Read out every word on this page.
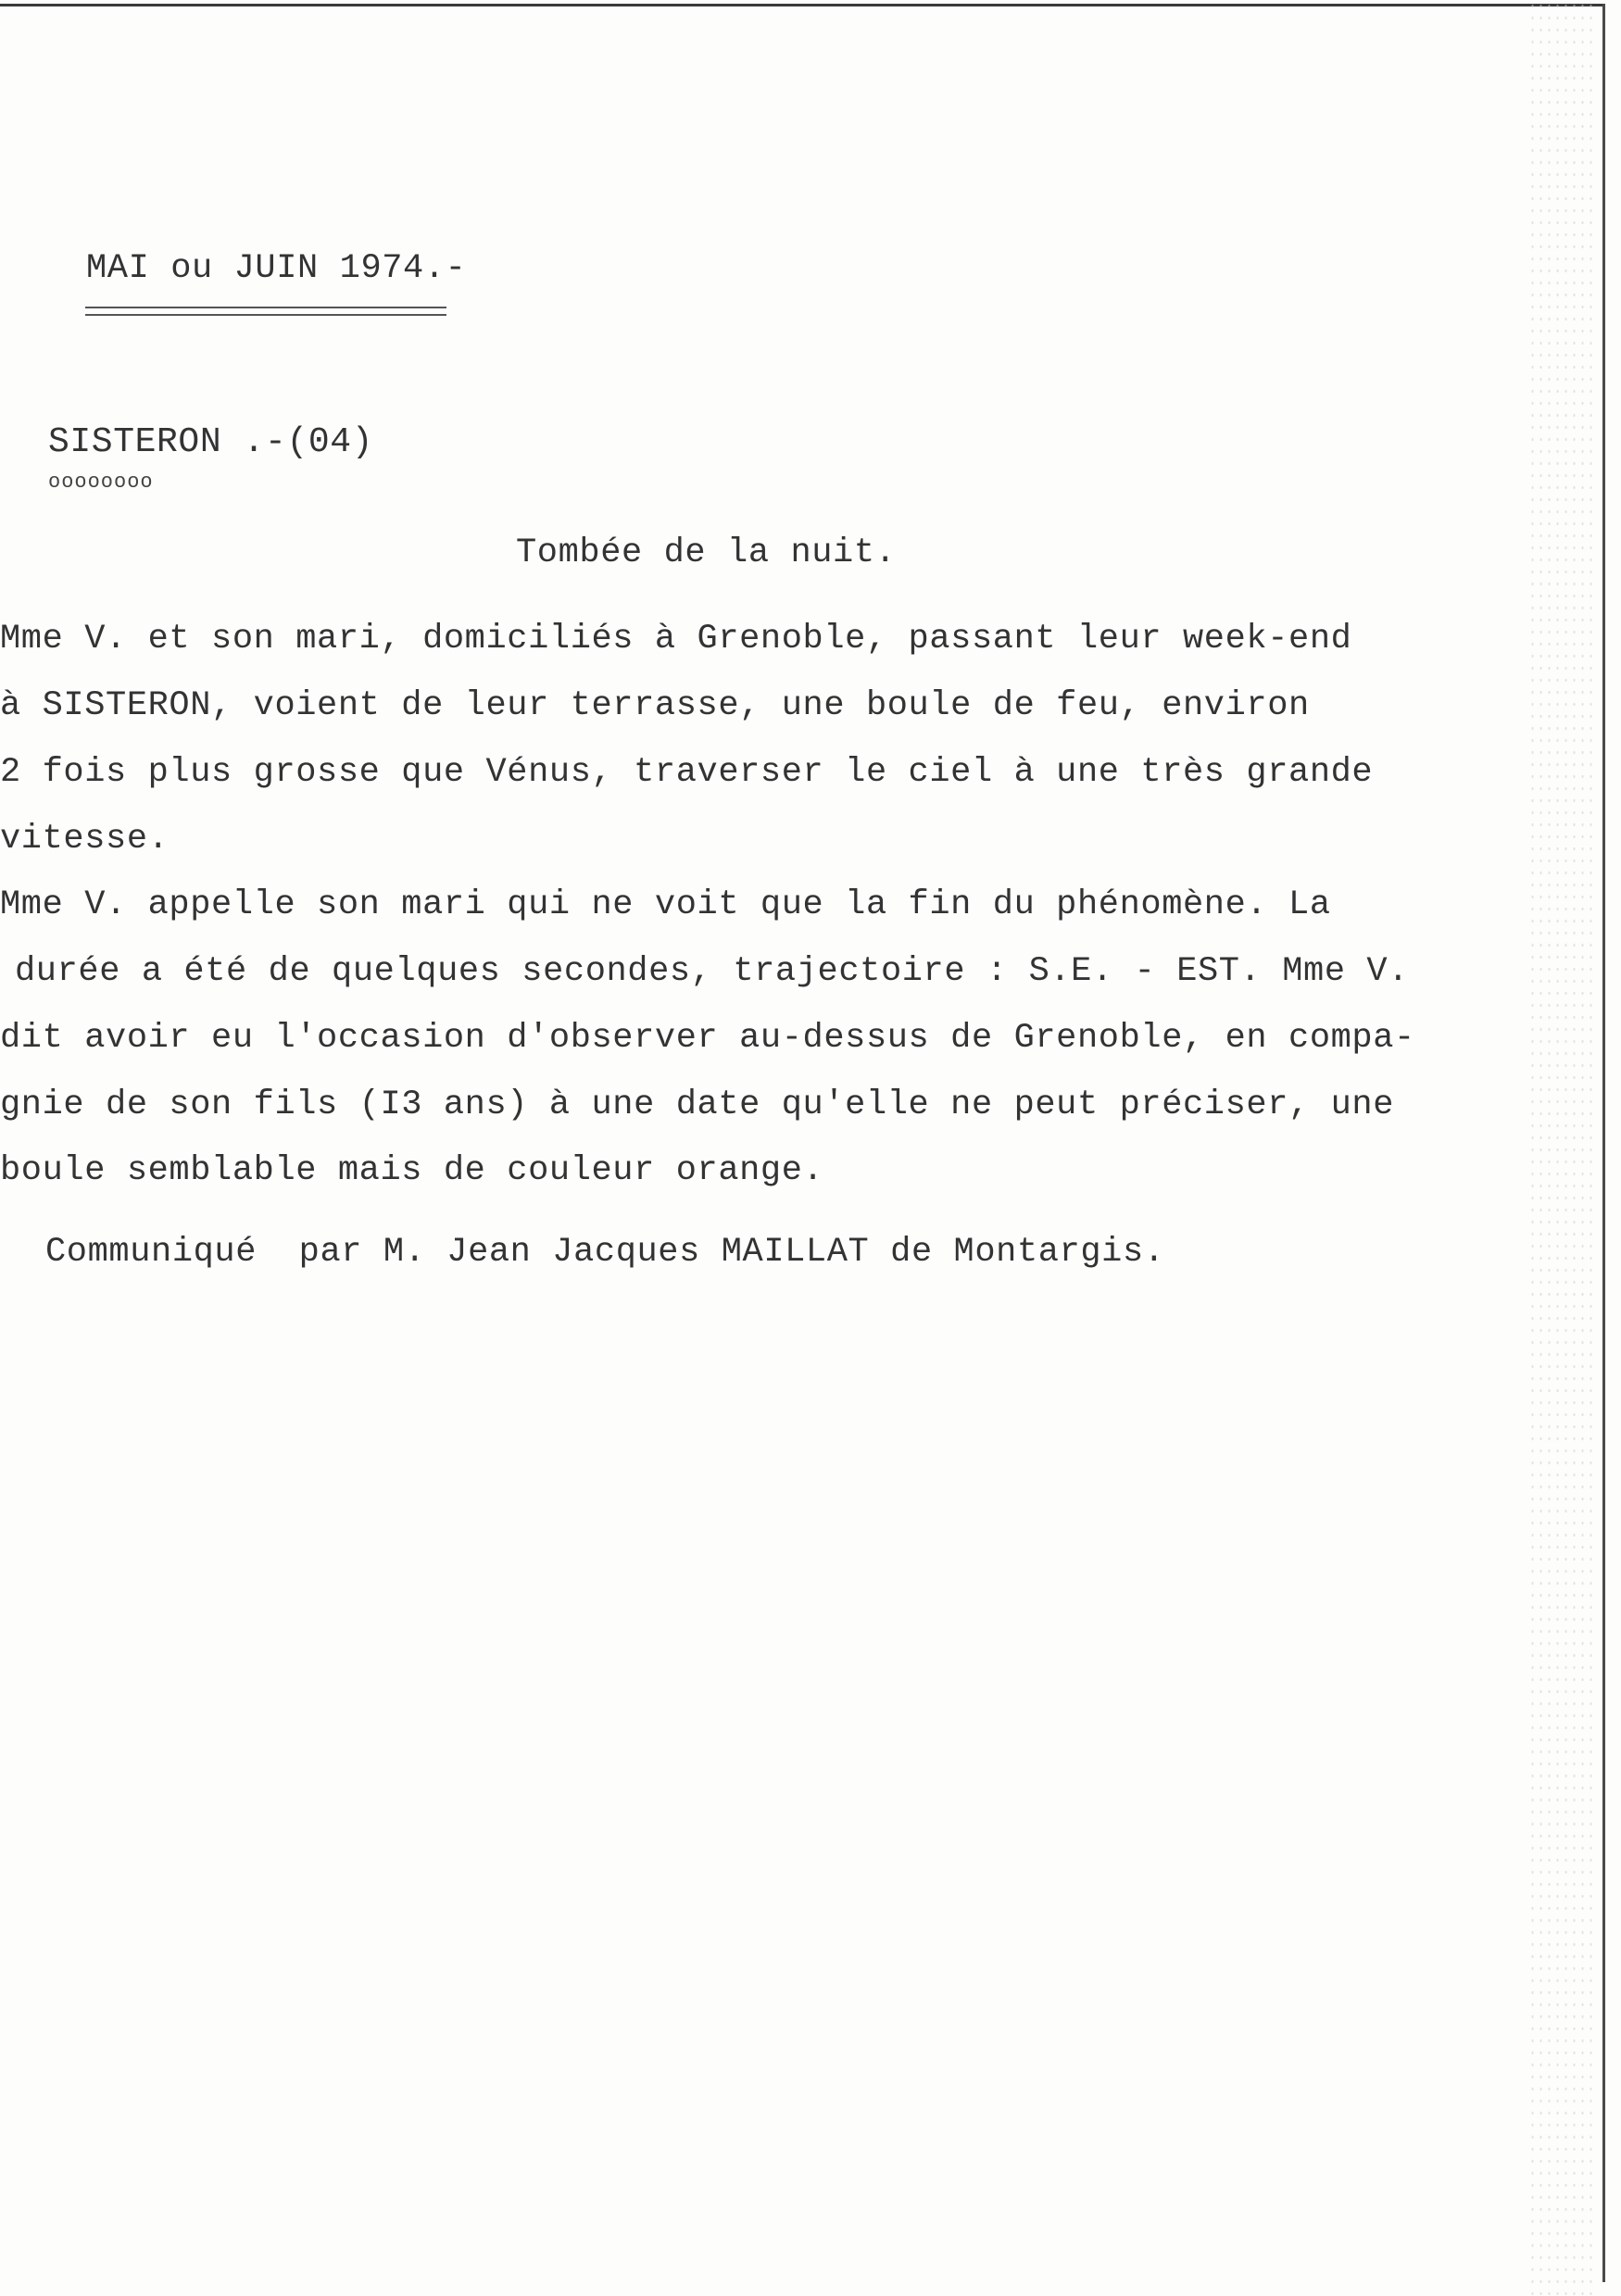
MAI ou JUIN 1974.-
SISTERON .-(04)
oooooooo
Tombée de la nuit.
Mme V. et son mari, domiciliés à Grenoble, passant leur week-end
à SISTERON, voient de leur terrasse, une boule de feu, environ
2 fois plus grosse que Vénus, traverser le ciel à une très grande
vitesse.
Mme V. appelle son mari qui ne voit que la fin du phénomène. La
durée a été de quelques secondes, trajectoire : S.E. - EST. Mme V.
dit avoir eu l'occasion d'observer au-dessus de Grenoble, en compa-
gnie de son fils (I3 ans) à une date qu'elle ne peut préciser, une
boule semblable mais de couleur orange.
Communiqué  par M. Jean Jacques MAILLAT de Montargis.
